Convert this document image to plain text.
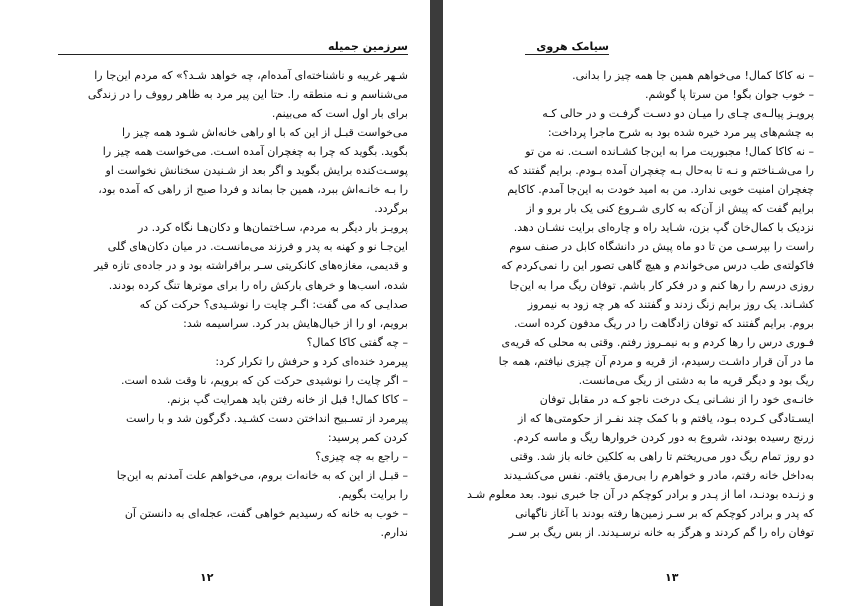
سرزمین جمیله
شـهر غریبه و ناشناخته‌ای آمده‌ام، چه خواهد شـد؟» که مردم این‌جا را
می‌شناسم و نـه منطقه را. حتا این پیر مرد به ظاهر رووف را در زندگی
برای بار اول است که می‌بینم.
می‌خواست قبـل از این که با او راهی خانه‌اش شـود همه چیز را
بگوید. بگوید که چرا به چغچران آمده اسـت. می‌خواست همه چیز را
پوسـت‌کنده برایش بگوید و اگر بعد از شـنیدن سخنانش نخواست او
را بـه خانـه‌اش ببرد، همین جا بماند و فردا صبح از راهی که آمده بود،
برگردد.
پرویـز بار دیگر به مردم، سـاختمان‌ها و دکان‌هـا نگاه کرد. در
این‌جـا نو و کهنه به پدر و فرزند می‌مانسـت. در میان دکان‌های گلی
و قدیمی، مغازه‌های کانکریتی سـر برافراشته بود و در جاده‌ی تازه قیر
شده، اسب‌ها و خرهای بارکش راه را برای موترها تنگ کرده بودند.
صدایـی که می گفت: اگـر چایت را نوشـیدی؟ حرکت کن که
برویم، او را از خیال‌هایش بدر کرد. سراسیمه شد:
– چه گفتی کاکا کمال؟
پیرمرد خنده‌ای کرد و حرفش را تکرار کرد:
– اگر چایت را نوشیدی حرکت کن که برویم، نا وقت شده است.
– کاکا کمال! قبل از خانه رفتن باید همرایت گپ بزنم.
پیرمرد از تسـبیح انداختن دست کشـید. دگرگون شد و با راست
کردن کمر پرسید:
– راجع به چه چیزی؟
– قبـل از این که به خانه‌ات بروم، می‌خواهم علت آمدنم به این‌جا
را برایت بگویم.
– خوب به خانه که رسیدیم خواهی گفت، عجله‌ای به دانستن آن
ندارم.
۱۲
سیامک هروی
– نه کاکا کمال! می‌خواهم همین جا همه چیز را بدانی.
– خوب جوان بگو! من سرتا پا گوشم.
پرویـز پیالـه‌ی چـای را میـان دو دسـت گرفـت و در حالی کـه
به چشم‌های پیر مرد خیره شده بود به شرح ماجرا پرداخت:
– نه کاکا کمال! مجبوریت مرا به این‌جا کشـانده اسـت. نه من تو
را می‌شـناختم و نـه تا به‌حال بـه چغچران آمده بـودم. برایم گفتند که
چغچران امنیت خوبی ندارد. من به امید خودت به این‌جا آمدم. کاکایم
برایم گفت که پیش از آن‌که به کاری شـروع کنی یک بار برو و از
نزدیک با کمال‌خان گپ بزن، شـاید راه و چاره‌ای برایت نشـان دهد.
راست را بپرسـی من تا دو ماه پیش در دانشگاه کابل در صنف سوم
فاکولته‌ی طب درس می‌خواندم و هیچ گاهی تصور این را نمی‌کردم که
روزی درسم را رها کنم و در فکر کار باشم. توفان ریگ مرا به این‌جا
کشـاند. یک روز برایم زنگ زدند و گفتند که هر چه زود به نیمروز
بروم. برایم گفتند که توفان زادگاهت را در ریگ مدفون کرده است.
فـوری درس را رها کردم و به نیمـروز رفتم. وقتی به محلی که قریه‌ی
ما در آن قرار داشـت رسیدم، از قریه و مردم آن چیزی نیافتم، همه جا
ریگ بود و دیگر قریه ما به دشتی از ریگ می‌مانست.
خانـه‌ی خود را از نشـانی یـک درخت ناجو کـه در مقابل توفان
ایسـتادگی کـرده بـود، یافتم و با کمک چند نفـر از حکومتی‌ها که از
زرنج رسیده بودند، شروع به دور کردن خروارها ریگ و ماسه کردم.
دو روز تمام ریگ دور می‌ریختم تا راهی به کلکین خانه باز شد. وقتی
به‌داخل خانه رفتم، مادر و خواهرم را بی‌رمق یافتم. نفس می‌کشـیدند
و زنـده بودنـد، اما از پـدر و برادر کوچکم در آن جا خبری نبود. بعد معلوم شـد
که پدر و برادر کوچکم که بر سـر زمین‌ها رفته بودند با آغاز ناگهانی
توفان راه را گم کردند و هرگز به خانه نرسـیدند. از بس ریگ بر سـر
۱۳
